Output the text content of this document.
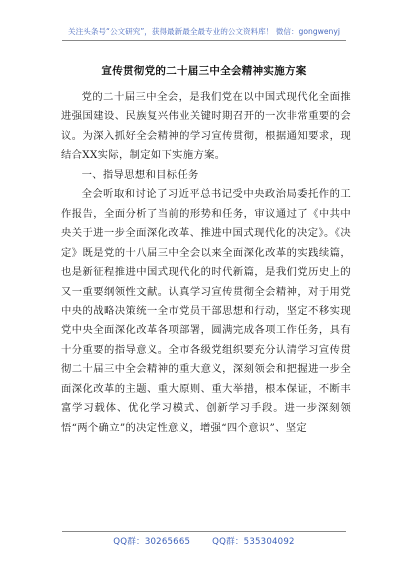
关注头条号“公文研究”，获得最新最全最专业的公文资料库！ 微信：gongwenyj
宣传贯彻党的二十届三中全会精神实施方案

党的二十届三中全会，是我们党在以中国式现代化全面推进强国建设、民族复兴伟业关键时期召开的一次非常重要的会议。为深入抓好全会精神的学习宣传贯彻，根据通知要求，现结合XX实际，制定如下实施方案。

一、指导思想和目标任务

全会听取和讨论了习近平总书记受中央政治局委托作的工作报告，全面分析了当前的形势和任务，审议通过了《中共中央关于进一步全面深化改革、推进中国式现代化的决定》。《决定》既是党的十八届三中全会以来全面深化改革的实践续篇，也是新征程推进中国式现代化的时代新篇，是我们党历史上的又一重要纲领性文献。认真学习宣传贯彻全会精神，对于用党中央的战略决策统一全市党员干部思想和行动，坚定不移实现党中央全面深化改革各项部署，圆满完成各项工作任务，具有十分重要的指导意义。全市各级党组织要充分认清学习宣传贯彻二十届三中全会精神的重大意义，深刻领会和把握进一步全面深化改革的主题、重大原则、重大举措，根本保证，不断丰富学习载体、优化学习模式、创新学习手段。进一步深刻领悟“两个确立”的决定性意义，增强“四个意识”、坚定

QQ群：30265665	QQ群：535304092
